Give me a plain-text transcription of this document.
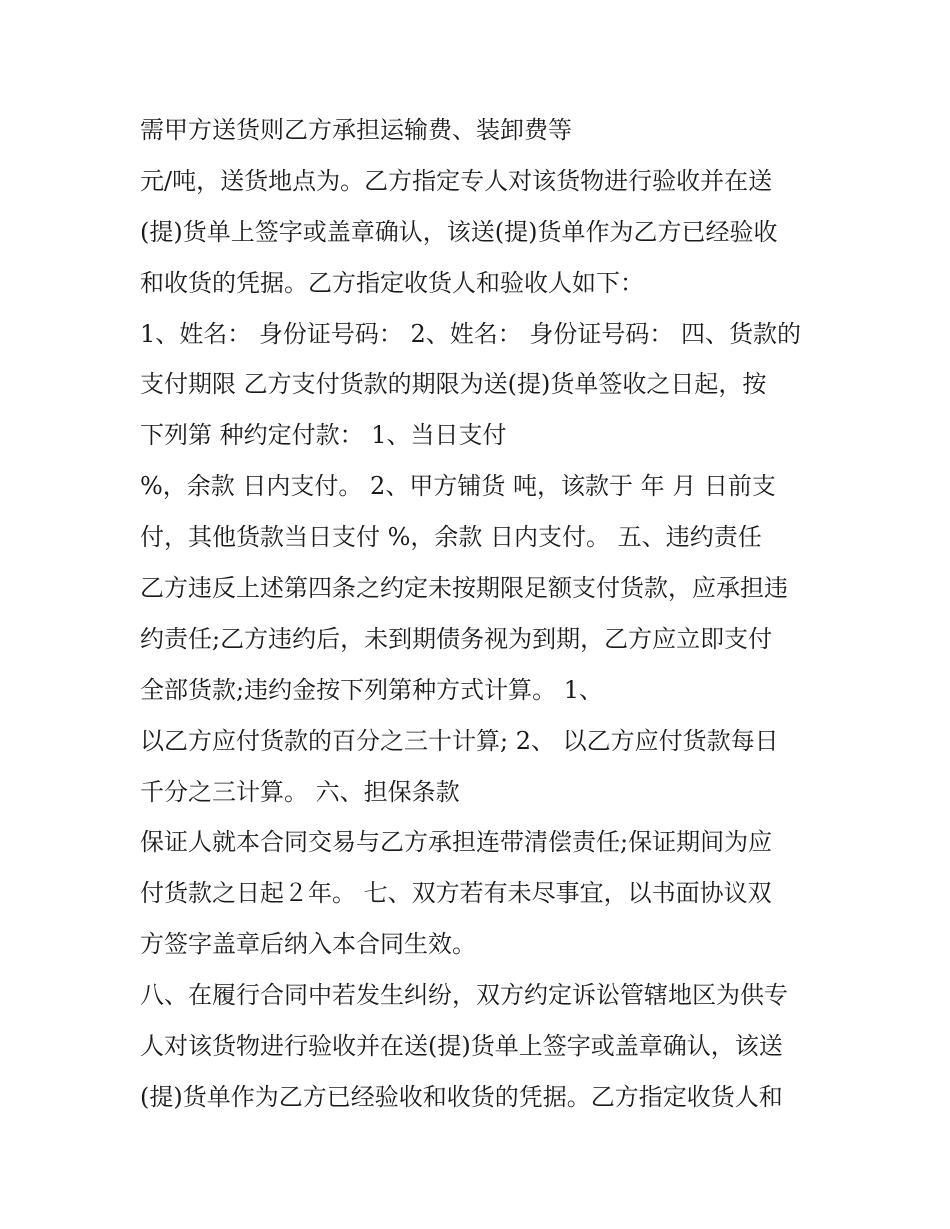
需甲方送货则乙方承担运输费、装卸费等
元/吨，送货地点为。乙方指定专人对该货物进行验收并在送
(提)货单上签字或盖章确认，该送(提)货单作为乙方已经验收
和收货的凭据。乙方指定收货人和验收人如下：
1、姓名： 身份证号码： 2、姓名： 身份证号码： 四、货款的
支付期限 乙方支付货款的期限为送(提)货单签收之日起，按
下列第 种约定付款： 1、当日支付
%，余款 日内支付。 2、甲方铺货 吨，该款于 年 月 日前支
付，其他货款当日支付 %，余款 日内支付。 五、违约责任
乙方违反上述第四条之约定未按期限足额支付货款，应承担违
约责任;乙方违约后，未到期债务视为到期，乙方应立即支付
全部货款;违约金按下列第种方式计算。 1、
以乙方应付货款的百分之三十计算; 2、 以乙方应付货款每日
千分之三计算。 六、担保条款
保证人就本合同交易与乙方承担连带清偿责任;保证期间为应
付货款之日起２年。 七、双方若有未尽事宜，以书面协议双
方签字盖章后纳入本合同生效。
八、在履行合同中若发生纠纷，双方约定诉讼管辖地区为供专
人对该货物进行验收并在送(提)货单上签字或盖章确认，该送
(提)货单作为乙方已经验收和收货的凭据。乙方指定收货人和
